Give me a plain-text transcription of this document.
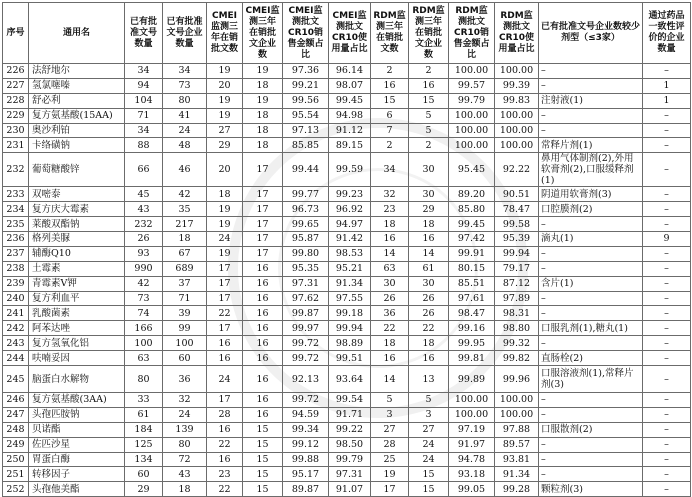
序号	通用名	已有批准文号数量	已有批准文号企业数量	CMEI监测三年在销批文数	CMEI监测三年在销批文企业数	CMEI监测批文CR10销售金额占比	CMEI监测批文CR10使用量占比	RDM监测三年在销批文数	RDM监测三年在销批文企业数	RDM监测批文CR10销售金额占比	RDM监测批文CR10使用量占比	已有批准文号企业数较少剂型（≤3家）	通过药品一致性评价的企业数量
226	法舒地尔	34	34	19	19	97.36	96.14	2	2	100.00	100.00	–	–
227	氢氯噻嗪	94	73	20	18	99.21	98.07	16	16	99.57	99.39	–	1
228	舒必利	104	80	19	19	99.56	99.45	15	15	99.79	99.83	注射液(1)	1
229	复方氨基酸(15AA)	71	41	19	18	95.54	94.98	6	5	100.00	100.00	–	–
230	奥沙利铂	34	24	27	18	97.13	91.12	7	5	100.00	100.00	–	–
231	卡络磺钠	88	48	29	18	85.85	89.15	2	2	100.00	100.00	常释片剂(1)	–
232	葡萄糖酸锌	66	46	20	17	99.44	99.59	34	30	95.45	92.22	鼻用气体制剂(2),外用软膏剂(2),口服缓释剂(1)	–
233	双嘧泰	45	42	18	17	99.77	99.23	32	30	89.20	90.51	阴道用软膏剂(3)	–
234	复方庆大霉素	43	35	19	17	96.73	96.92	23	29	85.80	78.47	口腔膜剂(2)	–
235	莱酸双酯钠	232	217	19	17	99.65	94.97	18	18	99.45	99.58	–	–
236	格列美脲	26	18	24	17	95.87	91.42	16	16	97.42	95.39	滴丸(1)	9
237	辅酶Q10	93	67	19	17	99.80	98.53	14	14	99.91	99.94	–	–
238	土霉素	990	689	17	16	95.35	95.21	63	61	80.15	79.17	–	–
239	青霉素V钾	42	37	17	16	97.31	91.34	30	30	85.51	87.12	含片(1)	–
240	复方利血平	73	71	17	16	97.62	97.55	26	26	97.61	97.89	–	–
241	乳酸菌素	74	39	22	16	99.87	99.18	36	26	98.47	98.31	–	–
242	阿苯达唑	166	99	17	16	99.97	99.94	22	22	99.16	98.80	口服乳剂(1),糖丸(1)	–
243	复方氢氧化铝	100	100	16	16	99.72	98.89	18	18	99.95	99.32	–	–
244	呋喃妥因	63	60	16	16	99.72	99.51	16	16	99.81	99.82	直肠栓(2)	–
245	脑蛋白水解物	80	36	24	16	92.13	93.64	14	13	99.89	99.96	口服溶液剂(1),常释片剂(3)	–
246	复方氨基酸(3AA)	33	32	17	16	99.72	99.54	5	5	100.00	100.00	–	–
247	头孢匹胺钠	61	24	28	16	94.59	91.71	3	3	100.00	100.00	–	–
248	贝诺酯	184	139	16	15	99.34	99.22	27	27	97.19	97.88	口服散剂(2)	–
249	佐匹沙星	125	80	22	15	99.12	98.50	28	24	91.97	89.57	–	–
250	胃蛋白酶	134	72	16	15	99.88	99.79	25	24	94.78	93.81	–	–
251	转移因子	60	43	23	15	95.17	97.31	19	15	93.18	91.34	–	–
252	头孢他美酯	29	18	22	15	89.87	91.07	17	15	99.05	99.28	颗粒剂(3)	–
